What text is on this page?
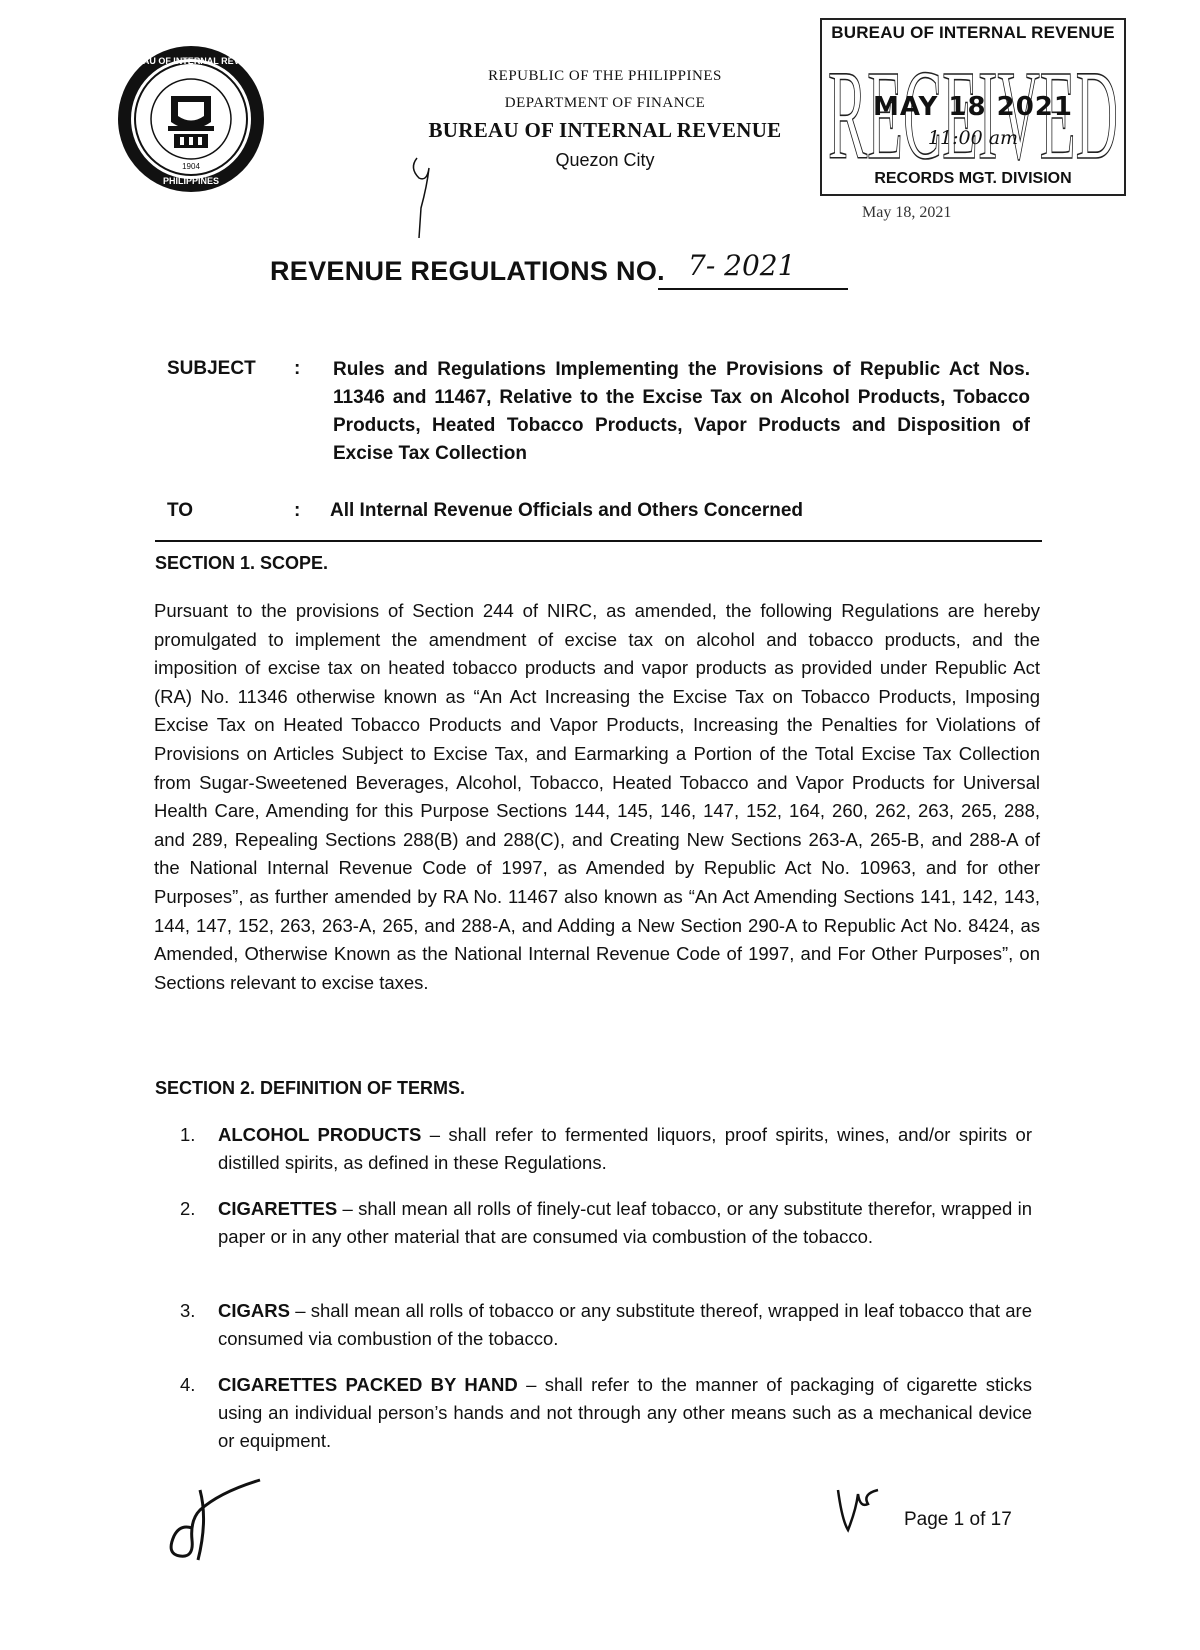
BUREAU OF INTERNAL REVENUE
PHILIPPINES
1904
REPUBLIC OF THE PHILIPPINES
DEPARTMENT OF FINANCE
BUREAU OF INTERNAL REVENUE
Quezon City
BUREAU OF INTERNAL REVENUE
RECEIVED
MAY 18 2021
11:00 am
RECORDS MGT. DIVISION
May 18, 2021
REVENUE REGULATIONS NO. 7- 2021
SUBJECT : Rules and Regulations Implementing the Provisions of Republic Act Nos. 11346 and 11467, Relative to the Excise Tax on Alcohol Products, Tobacco Products, Heated Tobacco Products, Vapor Products and Disposition of Excise Tax Collection
TO	: All Internal Revenue Officials and Others Concerned
SECTION 1. SCOPE.
Pursuant to the provisions of Section 244 of NIRC, as amended, the following Regulations are hereby promulgated to implement the amendment of excise tax on alcohol and tobacco products, and the imposition of excise tax on heated tobacco products and vapor products as provided under Republic Act (RA) No. 11346 otherwise known as “An Act Increasing the Excise Tax on Tobacco Products, Imposing Excise Tax on Heated Tobacco Products and Vapor Products, Increasing the Penalties for Violations of Provisions on Articles Subject to Excise Tax, and Earmarking a Portion of the Total Excise Tax Collection from Sugar-Sweetened Beverages, Alcohol, Tobacco, Heated Tobacco and Vapor Products for Universal Health Care, Amending for this Purpose Sections 144, 145, 146, 147, 152, 164, 260, 262, 263, 265, 288, and 289, Repealing Sections 288(B) and 288(C), and Creating New Sections 263-A, 265-B, and 288-A of the National Internal Revenue Code of 1997, as Amended by Republic Act No. 10963, and for other Purposes”, as further amended by RA No. 11467 also known as “An Act Amending Sections 141, 142, 143, 144, 147, 152, 263, 263-A, 265, and 288-A, and Adding a New Section 290-A to Republic Act No. 8424, as Amended, Otherwise Known as the National Internal Revenue Code of 1997, and For Other Purposes”, on Sections relevant to excise taxes.
SECTION 2. DEFINITION OF TERMS.
1. ALCOHOL PRODUCTS – shall refer to fermented liquors, proof spirits, wines, and/or spirits or distilled spirits, as defined in these Regulations.
2. CIGARETTES – shall mean all rolls of finely-cut leaf tobacco, or any substitute therefor, wrapped in paper or in any other material that are consumed via combustion of the tobacco.
3. CIGARS – shall mean all rolls of tobacco or any substitute thereof, wrapped in leaf tobacco that are consumed via combustion of the tobacco.
4. CIGARETTES PACKED BY HAND – shall refer to the manner of packaging of cigarette sticks using an individual person’s hands and not through any other means such as a mechanical device or equipment.
Page 1 of 17
